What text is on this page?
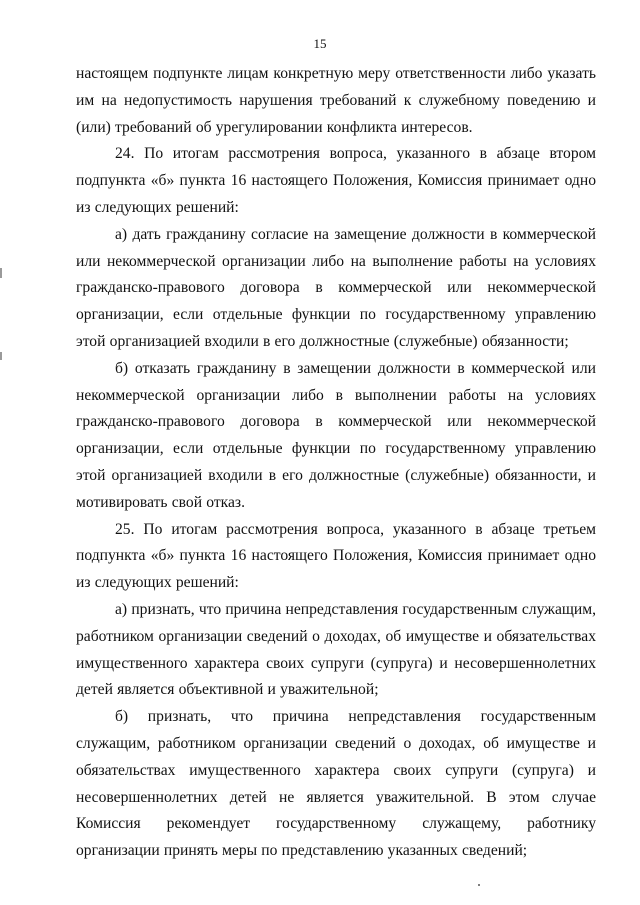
15

настоящем подпункте лицам конкретную меру ответственности либо указать им на недопустимость нарушения требований к служебному поведению и (или) требований об урегулировании конфликта интересов.

24. По итогам рассмотрения вопроса, указанного в абзаце втором подпункта «б» пункта 16 настоящего Положения, Комиссия принимает одно из следующих решений:

а) дать гражданину согласие на замещение должности в коммерческой или некоммерческой организации либо на выполнение работы на условиях гражданско-правового договора в коммерческой или некоммерческой организации, если отдельные функции по государственному управлению этой организацией входили в его должностные (служебные) обязанности;

б) отказать гражданину в замещении должности в коммерческой или некоммерческой организации либо в выполнении работы на условиях гражданско-правового договора в коммерческой или некоммерческой организации, если отдельные функции по государственному управлению этой организацией входили в его должностные (служебные) обязанности, и мотивировать свой отказ.

25. По итогам рассмотрения вопроса, указанного в абзаце третьем подпункта «б» пункта 16 настоящего Положения, Комиссия принимает одно из следующих решений:

а) признать, что причина непредставления государственным служащим, работником организации сведений о доходах, об имуществе и обязательствах имущественного характера своих супруги (супруга) и несовершеннолетних детей является объективной и уважительной;

б) признать, что причина непредставления государственным служащим, работником организации сведений о доходах, об имуществе и обязательствах имущественного характера своих супруги (супруга) и несовершеннолетних детей не является уважительной. В этом случае Комиссия рекомендует государственному служащему, работнику организации принять меры по представлению указанных сведений;
